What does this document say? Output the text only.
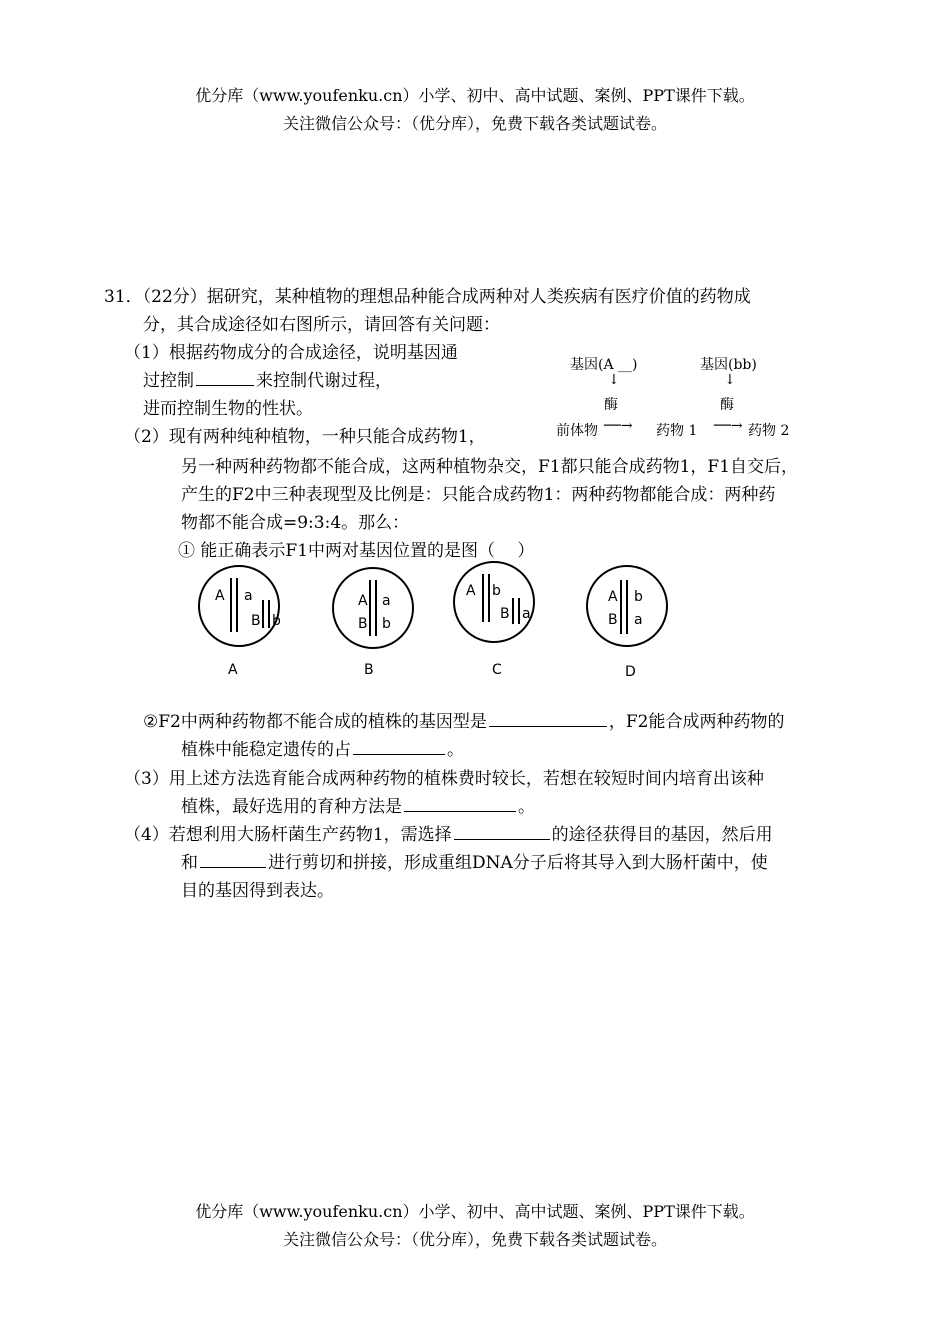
优分库（www.youfenku.cn）小学、初中、高中试题、案例、PPT课件下载。
关注微信公众号：（优分库），免费下载各类试题试卷。
31．（22分）据研究，某种植物的理想品种能合成两种对人类疾病有医疗价值的药物成
分，其合成途径如右图所示，请回答有关问题：
（1）根据药物成分的合成途径，说明基因通
过控制	来控制代谢过程，
进而控制生物的性状。
（2）现有两种纯种植物，一种只能合成药物1，
另一种两种药物都不能合成，这两种植物杂交，F1都只能合成药物1，F1自交后，
产生的F2中三种表现型及比例是：只能合成药物1：两种药物都能合成：两种药
物都不能合成=9:3:4。那么：
① 能正确表示F1中两对基因位置的是图（　 ）
基因(A __)	基因(bb)
↓	↓
酶	酶
前体物 ──→ 药物 1 ──→ 药物 2
A a
B b
A
A a
B b
B
A b
B a
C
A b
B a
D
②F2中两种药物都不能合成的植株的基因型是	，F2能合成两种药物的
植株中能稳定遗传的占	。
（3）用上述方法选育能合成两种药物的植株费时较长，若想在较短时间内培育出该种
植株，最好选用的育种方法是	。
（4）若想利用大肠杆菌生产药物1，需选择	的途径获得目的基因，然后用
和	进行剪切和拼接，形成重组DNA分子后将其导入到大肠杆菌中，使
目的基因得到表达。
优分库（www.youfenku.cn）小学、初中、高中试题、案例、PPT课件下载。
关注微信公众号：（优分库），免费下载各类试题试卷。
